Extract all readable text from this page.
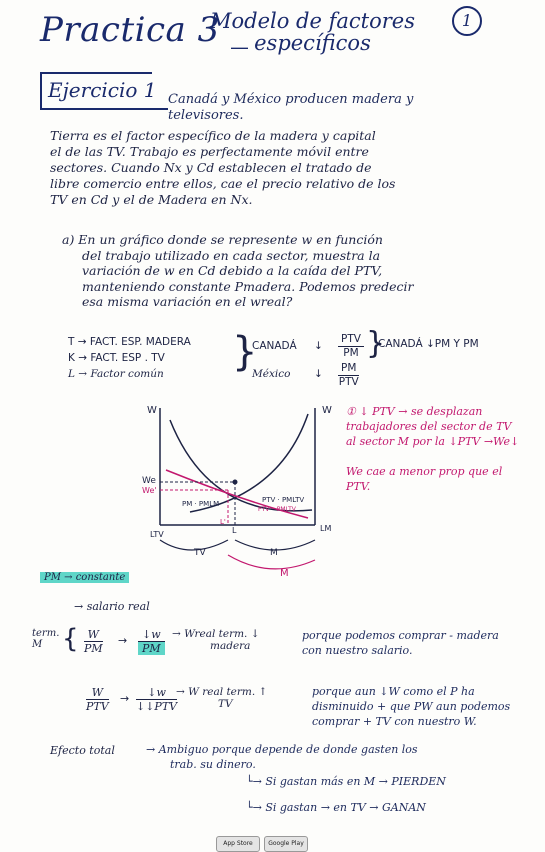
Practica 3 _
Modelo de factores
específicos
1
Ejercicio 1 Canadá y México producen madera y
televisores.
Tierra es el factor específico de la madera y capital
el de las TV. Trabajo es perfectamente móvil entre
sectores. Cuando Nx y Cd establecen el tratado de
libre comercio entre ellos, cae el precio relativo de los
TV en Cd y el de Madera en Nx.
a) En un gráfico donde se represente w en función
del trabajo utilizado en cada sector, muestra la
variación de w en Cd debido a la caída del PTV,
manteniendo constante Pmadera. Podemos predecir
esa misma variación en el wreal?
T → FACT. ESP. MADERA
K → FACT. ESP . TV
L → Factor común }
CANADÁ
México
↓
↓
$\frac{\text{PTV}}{PM}$
$\frac{PM}{\text{PTV}}$
}
CANADÁ ↓PM Y PM
W	W
We
We'
PM · PMLM	PTV · PMLTV
PTV' · PMLTV
L
L'
LTV
LM
TV	M
M
① ↓ PTV → se desplazan
trabajadores del sector de TV
al sector M por la ↓PTV →We↓
We cae a menor prop que el
PTV.
PM → constante
→ salario real
term. M { $\frac{W}{PM} \to \frac{↓w}{PM}$ → Wreal term. ↓
madera
porque podemos comprar - madera
con nuestro salario.
$\frac{W}{\text{PTV}} \to \frac{↓w}{\text{↓↓PTV}}$
→ W real term. ↑
TV
porque aun ↓W como el P ha
disminuido + que PW aun podemos
comprar + TV con nuestro W.
Efecto total	→ Ambiguo porque depende de donde gasten los
trab. su dinero.
└→ Si gastan más en M → PIERDEN
└→ Si gastan → en TV → GANAN
App Store	Google Play
